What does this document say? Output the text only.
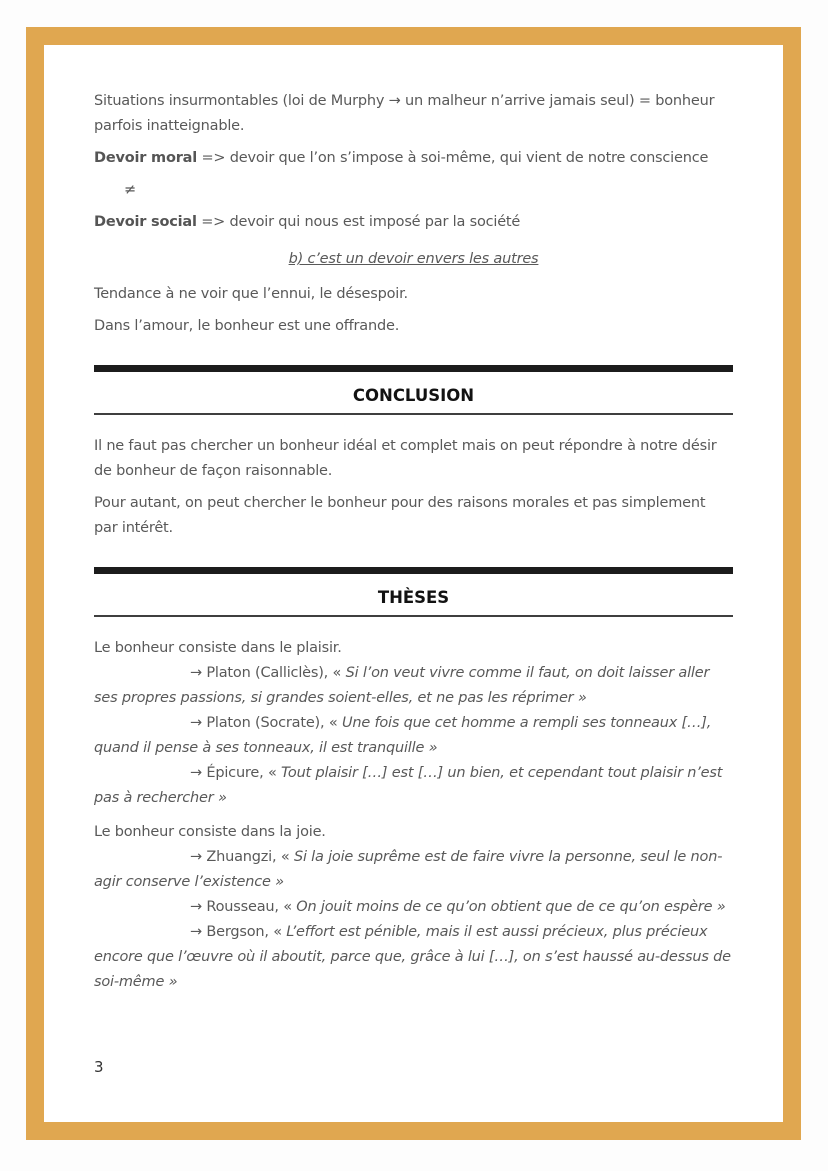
Situations insurmontables (loi de Murphy → un malheur n’arrive jamais seul) = bonheur parfois inatteignable.

Devoir moral => devoir que l’on s’impose à soi-même, qui vient de notre conscience

≠

Devoir social => devoir qui nous est imposé par la société

b) c’est un devoir envers les autres

Tendance à ne voir que l’ennui, le désespoir.

Dans l’amour, le bonheur est une offrande.

CONCLUSION

Il ne faut pas chercher un bonheur idéal et complet mais on peut répondre à notre désir de bonheur de façon raisonnable.

Pour autant, on peut chercher le bonheur pour des raisons morales et pas simplement par intérêt.

THÈSES

Le bonheur consiste dans le plaisir.

→ Platon (Calliclès), « Si l’on veut vivre comme il faut, on doit laisser aller ses propres passions, si grandes soient-elles, et ne pas les réprimer »

→ Platon (Socrate), « Une fois que cet homme a rempli ses tonneaux […], quand il pense à ses tonneaux, il est tranquille »

→ Épicure, « Tout plaisir […] est […] un bien, et cependant tout plaisir n’est pas à rechercher »

Le bonheur consiste dans la joie.

→ Zhuangzi, « Si la joie suprême est de faire vivre la personne, seul le non-agir conserve l’existence »

→ Rousseau, « On jouit moins de ce qu’on obtient que de ce qu’on espère »

→ Bergson, « L’effort est pénible, mais il est aussi précieux, plus précieux encore que l’œuvre où il aboutit, parce que, grâce à lui […], on s’est haussé au-dessus de soi-même »

3
